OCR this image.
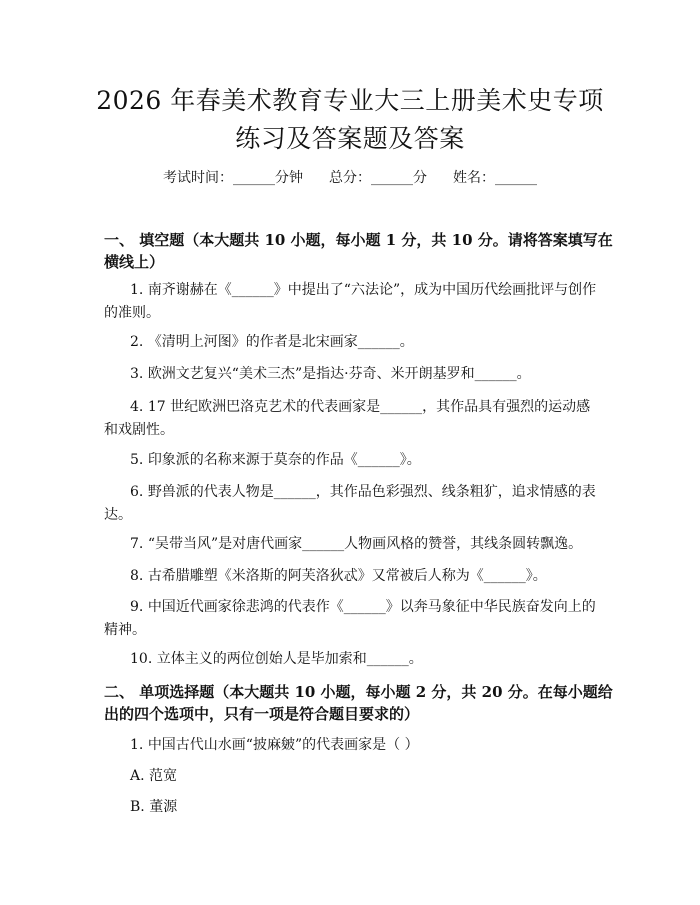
2026 年春美术教育专业大三上册美术史专项
练习及答案题及答案
考试时间：______分钟 总分：______分 姓名：______
一、 填空题（本大题共 10 小题，每小题 1 分，共 10 分。请将答案填写在横线上）
1. 南齐谢赫在《______》中提出了“六法论”，成为中国历代绘画批评与创作的准则。
2. 《清明上河图》的作者是北宋画家______。
3. 欧洲文艺复兴“美术三杰”是指达·芬奇、米开朗基罗和______。
4. 17 世纪欧洲巴洛克艺术的代表画家是______，其作品具有强烈的运动感和戏剧性。
5. 印象派的名称来源于莫奈的作品《______》。
6. 野兽派的代表人物是______，其作品色彩强烈、线条粗犷，追求情感的表达。
7. “吴带当风”是对唐代画家______人物画风格的赞誉，其线条圆转飘逸。
8. 古希腊雕塑《米洛斯的阿芙洛狄忒》又常被后人称为《______》。
9. 中国近代画家徐悲鸿的代表作《______》以奔马象征中华民族奋发向上的精神。
10. 立体主义的两位创始人是毕加索和______。
二、 单项选择题（本大题共 10 小题，每小题 2 分，共 20 分。在每小题给出的四个选项中，只有一项是符合题目要求的）
1. 中国古代山水画“披麻皴”的代表画家是（ ）
A. 范宽
B. 董源
